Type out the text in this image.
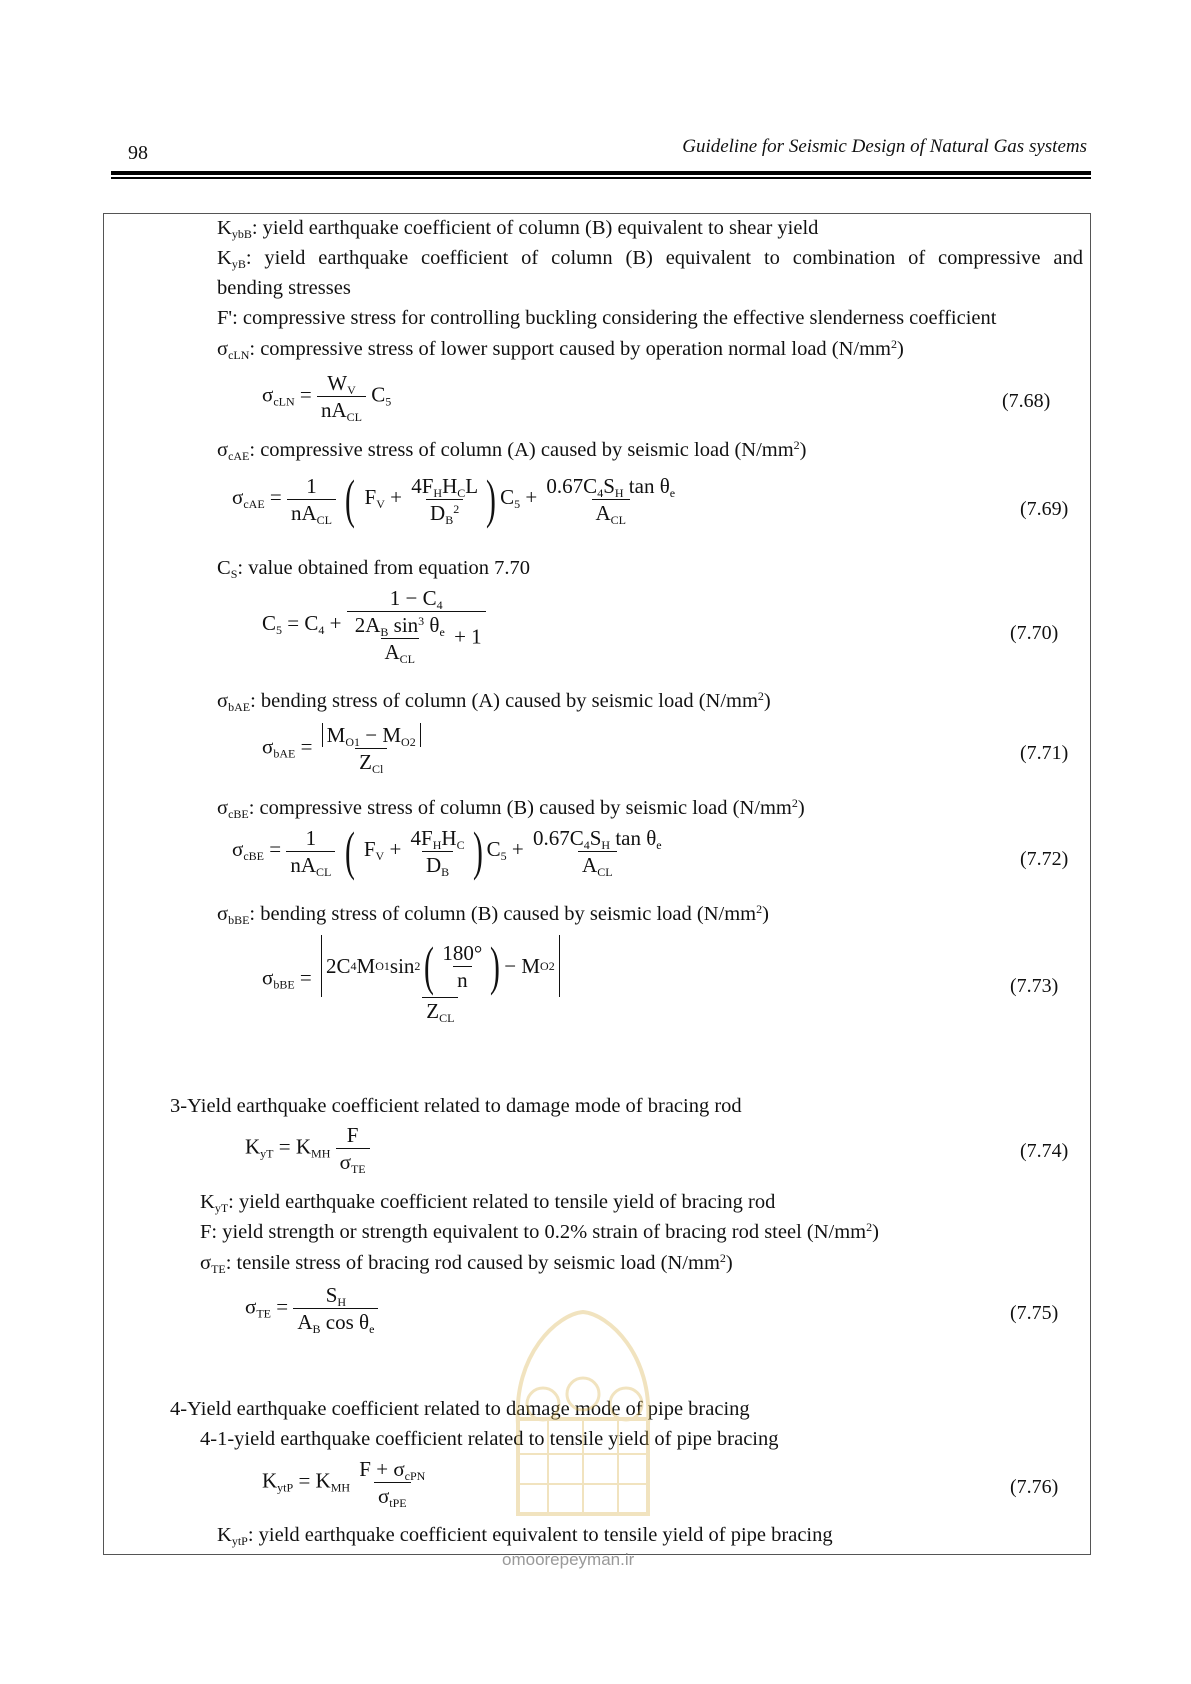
98	Guideline for Seismic Design of Natural Gas systems
$K_{ybB}$: yield earthquake coefficient of column (B) equivalent to shear yield
$K_{yB}$: yield earthquake coefficient of column (B) equivalent to combination of compressive and
bending stresses
F': compressive stress for controlling buckling considering the effective slenderness coefficient
$\sigma_{cLN}$: compressive stress of lower support caused by operation normal load $(N/mm^2)$
$\sigma_{cLN} = \frac{W_V}{nA_{CL}} C_5$	(7.68)
$\sigma_{cAE}$: compressive stress of column (A) caused by seismic load $(N/mm^2)$
$\sigma_{cAE} = \frac{1}{nA_{CL}}$ ( $F_V + \frac{4F_HH_CL}{D_B^2}$ ) $C_5 + \frac{0.67C_4S_H \tan \theta_e}{A_{CL}}$	(7.69)
$C_S$: value obtained from equation 7.70
$C_5 = C_4 + \frac{1 - C_4}{\frac{2A_B \sin^3 \theta_e}{A_{CL}} + 1}$	(7.70)
$\sigma_{bAE}$: bending stress of column (A) caused by seismic load $(N/mm^2)$
$\sigma_{bAE} = \frac{M_{O1} - M_{O2}}{Z_{Cl}}$	(7.71)
$\sigma_{cBE}$: compressive stress of column (B) caused by seismic load $(N/mm^2)$
$\sigma_{cBE} = \frac{1}{nA_{CL}}$ ( $F_V + \frac{4F_HH_C}{D_B}$ ) $C_5 + \frac{0.67C_4S_H \tan \theta_e}{A_{CL}}$	(7.72)
$\sigma_{bBE}$: bending stress of column (B) caused by seismic load $(N/mm^2)$
$\sigma_{bBE} = \frac{2C 4 M O1 \sin 2 ( \frac{180^\circ}{n} ) - M O2}{Z_{CL}}$	(7.73)
3-Yield earthquake coefficient related to damage mode of bracing rod
$K_{yT} = K_{MH} \frac{F}{\sigma_{TE}}$	(7.74)
$K_{yT}$: yield earthquake coefficient related to tensile yield of bracing rod
F: yield strength or strength equivalent to 0.2% strain of bracing rod steel $(N/mm^2)$
$\sigma_{TE}$: tensile stress of bracing rod caused by seismic load $(N/mm^2)$
$\sigma_{TE} = \frac{S_H}{A_B \cos \theta_e}$	(7.75)
4-Yield earthquake coefficient related to damage mode of pipe bracing
4-1-yield earthquake coefficient related to tensile yield of pipe bracing
$K_{ytP} = K_{MH} \frac{F + \sigma_{cPN}}{\sigma_{tPE}}$	(7.76)
$K_{ytP}$: yield earthquake coefficient equivalent to tensile yield of pipe bracing
omoorepeyman.ir
